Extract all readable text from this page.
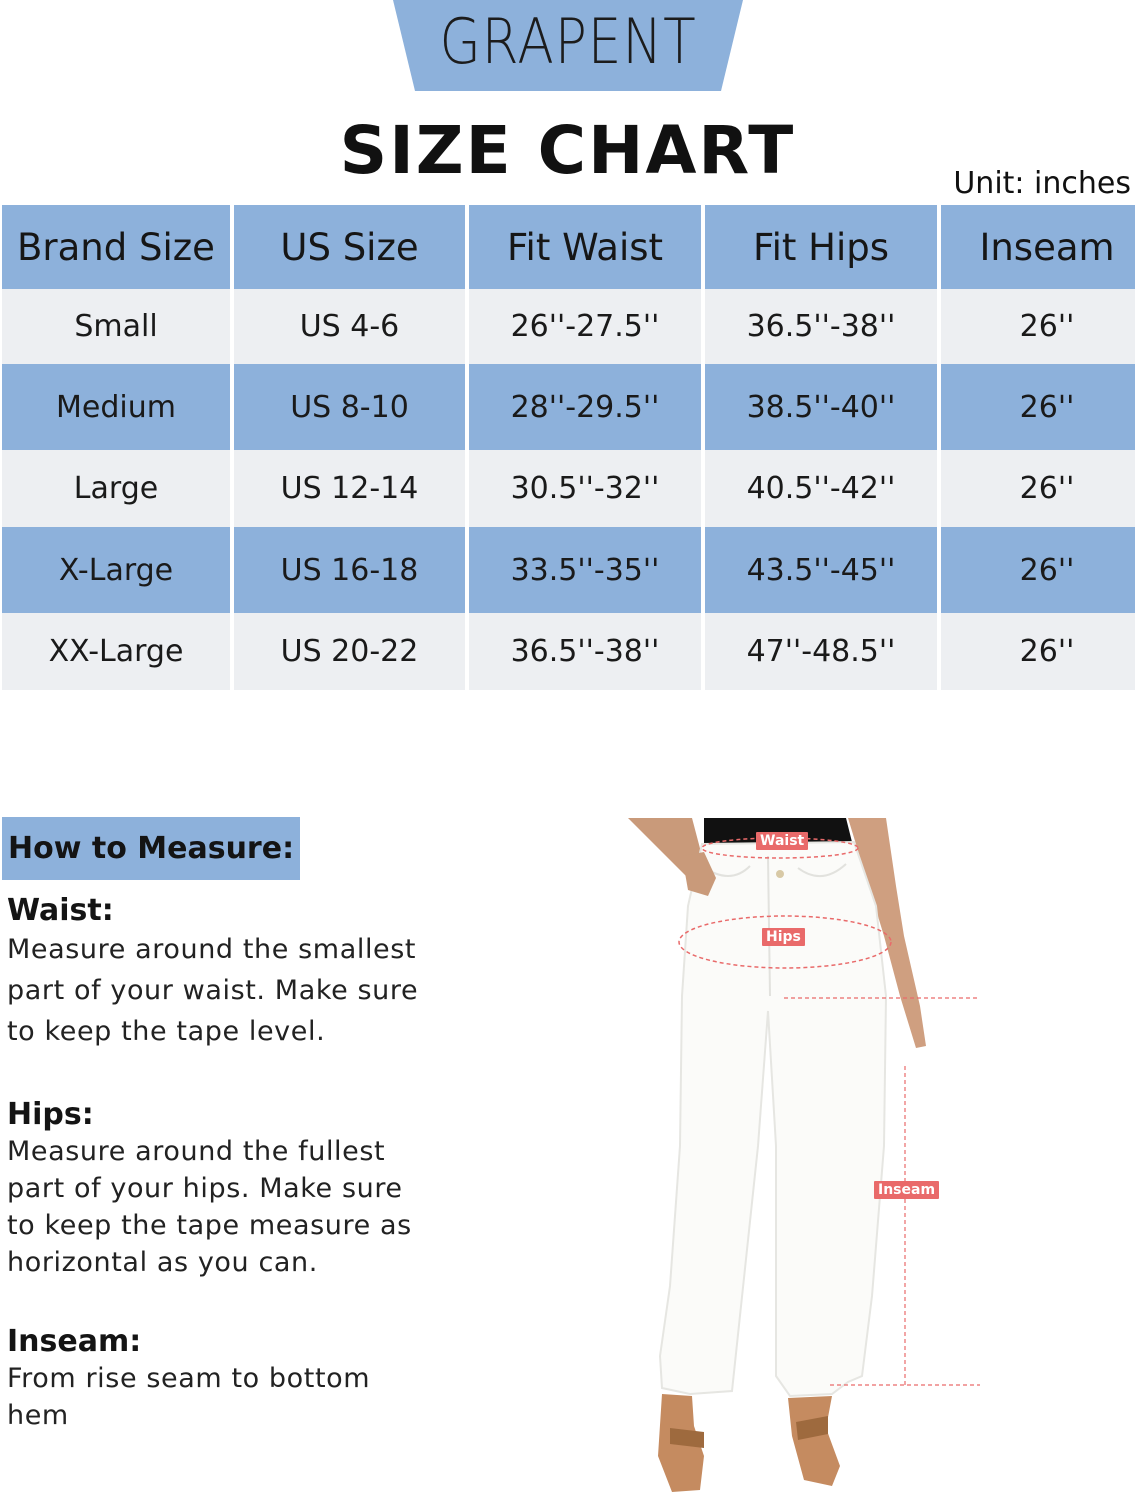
GRAPENT
SIZE CHART	Unit: inches
Brand Size	US Size	Fit Waist	Fit Hips	Inseam
Small	US 4-6	26''-27.5''	36.5''-38''	26''
Medium	US 8-10	28''-29.5''	38.5''-40''	26''
Large	US 12-14	30.5''-32''	40.5''-42''	26''
X-Large	US 16-18	33.5''-35''	43.5''-45''	26''
XX-Large	US 20-22	36.5''-38''	47''-48.5''	26''
How to Measure:
Waist:
Measure around the smallest
part of your waist. Make sure
to keep the tape level.
Hips:
Measure around the fullest
part of your hips. Make sure
to keep the tape measure as
horizontal as you can.
Inseam:
From rise seam to bottom
hem
Waist
Hips
Inseam
